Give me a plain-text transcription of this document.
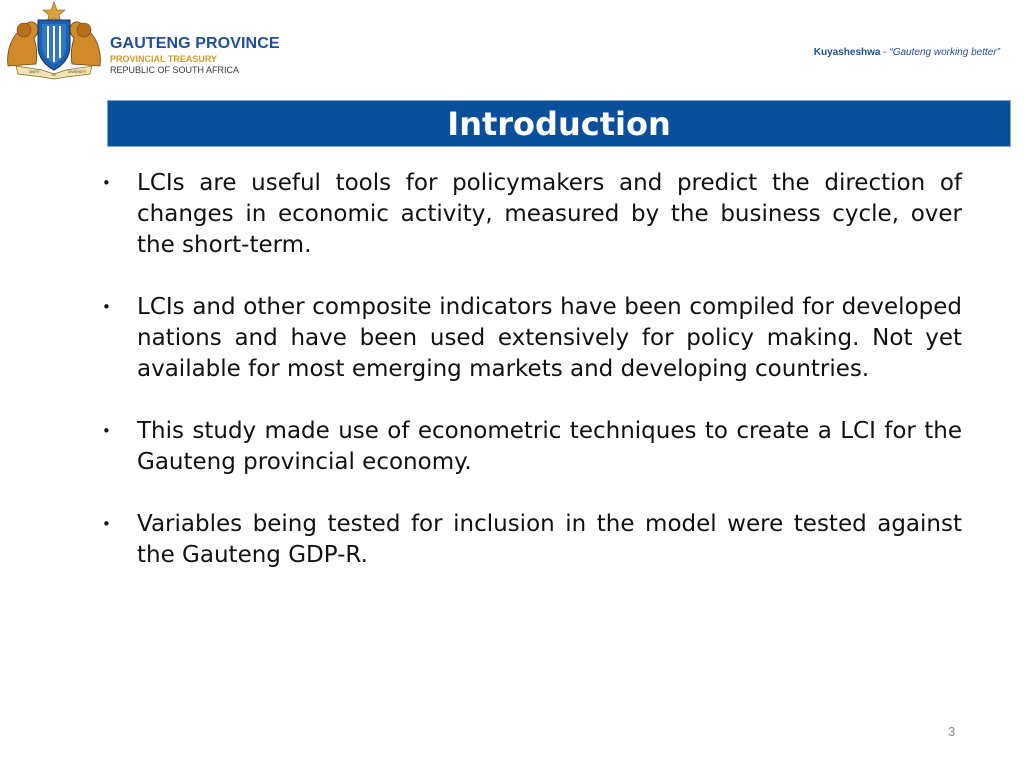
UNITY
IN
DIVERSITY
GAUTENG PROVINCE
PROVINCIAL TREASURY
REPUBLIC OF SOUTH AFRICA
Kuyasheshwa - “Gauteng working better”
Introduction
• LCIs are useful tools for policymakers and predict the direction of changes in economic activity, measured by the business cycle, over the short-term.
• LCIs and other composite indicators have been compiled for developed nations and have been used extensively for policy making. Not yet available for most emerging markets and developing countries.
• This study made use of econometric techniques to create a LCI for the Gauteng provincial economy.
• Variables being tested for inclusion in the model were tested against the Gauteng GDP-R.
3
